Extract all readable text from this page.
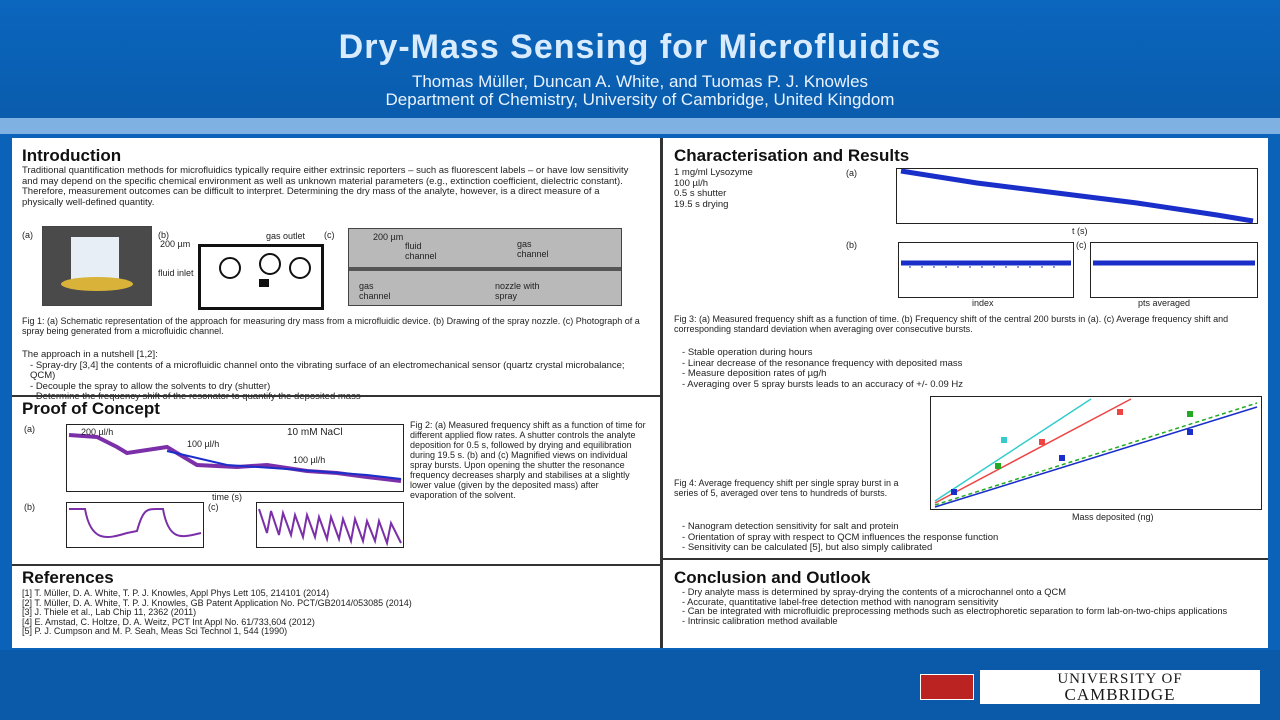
Dry-Mass Sensing for Microfluidics
Thomas Müller, Duncan A. White, and Tuomas P. J. Knowles
Department of Chemistry, University of Cambridge, United Kingdom
Introduction
Traditional quantification methods for microfluidics typically require either extrinsic reporters – such as fluorescent labels – or have low sensitivity and may depend on the specific chemical environment as well as unknown material parameters (e.g., extinction coefficient, dielectric constant). Therefore, measurement outcomes can be difficult to interpret. Determining the dry mass of the analyte, however, is a direct measure of a physically well-defined quantity.
(a)	(b)
200 µm
gas outlet
fluid inlet
(c)	200 µm
fluid channel
gas channel
gas channel
nozzle with spray
Fig 1: (a) Schematic representation of the approach for measuring dry mass from a microfluidic device. (b) Drawing of the spray nozzle. (c) Photograph of a spray being generated from a microfluidic channel.
The approach in a nutshell [1,2]:
- Spray-dry [3,4] the contents of a microfluidic channel onto the vibrating surface of an electromechanical sensor (quartz crystal microbalance; QCM)
- Decouple the spray to allow the solvents to dry (shutter)
-
Proof of Concept
(a)	200 µl/h
100 µl/h
100 µl/h
10 mM NaCl
time (s)
(b)	(c)
Fig 2: (a) Measured frequency shift as a function of time for different applied flow rates. A shutter controls the analyte deposition for 0.5 s, followed by drying and equilibration during 19.5 s. (b) and (c) Magnified views on individual spray bursts. Upon opening the shutter the resonance frequency decreases sharply and stabilises at a slightly lower value (given by the deposited mass) after evaporation of the solvent.
References
[1] T. Müller, D. A. White, T. P. J. Knowles, Appl Phys Lett 105, 214101 (2014)
[2] T. Müller, D. A. White, T. P. J. Knowles, GB Patent Application No. PCT/GB2014/053085 (2014)
[3] J. Thiele et al., Lab Chip 11, 2362 (2011)
[4] E. Amstad, C. Holtze, D. A. Weitz, PCT Int Appl No. 61/733,604 (2012)
[5] P. J. Cumpson and M. P. Seah, Meas Sci Technol 1, 544 (1990)
Characterisation and Results
1 mg/ml Lysozyme
100 µl/h
0.5 s shutter
19.5 s drying
(a)
t (s)
(b)
index
(c)
pts averaged
Fig 3: (a) Measured frequency shift as a function of time. (b) Frequency shift of the central 200 bursts in (a). (c) Average frequency shift and corresponding standard deviation when averaging over consecutive bursts.
- Stable operation during hours
- Linear decrease of the resonance frequency with deposited mass
- Measure deposition rates of µg/h
- Averaging over 5 spray bursts leads to an accuracy of +/- 0.09 Hz
Fig 4: Average frequency shift per single spray burst in a series of 5, averaged over tens to hundreds of bursts.
Mass deposited (ng)
- Nanogram detection sensitivity for salt and protein
- Orientation of spray with respect to QCM influences the response function
- Sensitivity can be calculated [5], but also simply calibrated
Conclusion and Outlook
- Dry analyte mass is determined by spray-drying the contents of a microchannel onto a QCM
- Accurate, quantitative label-free detection method with nanogram sensitivity
- Can be integrated with microfluidic preprocessing methods such as electrophoretic separation to form lab-on-two-chips applications
- Intrinsic calibration method available
UNIVERSITY OF
CAMBRIDGE
